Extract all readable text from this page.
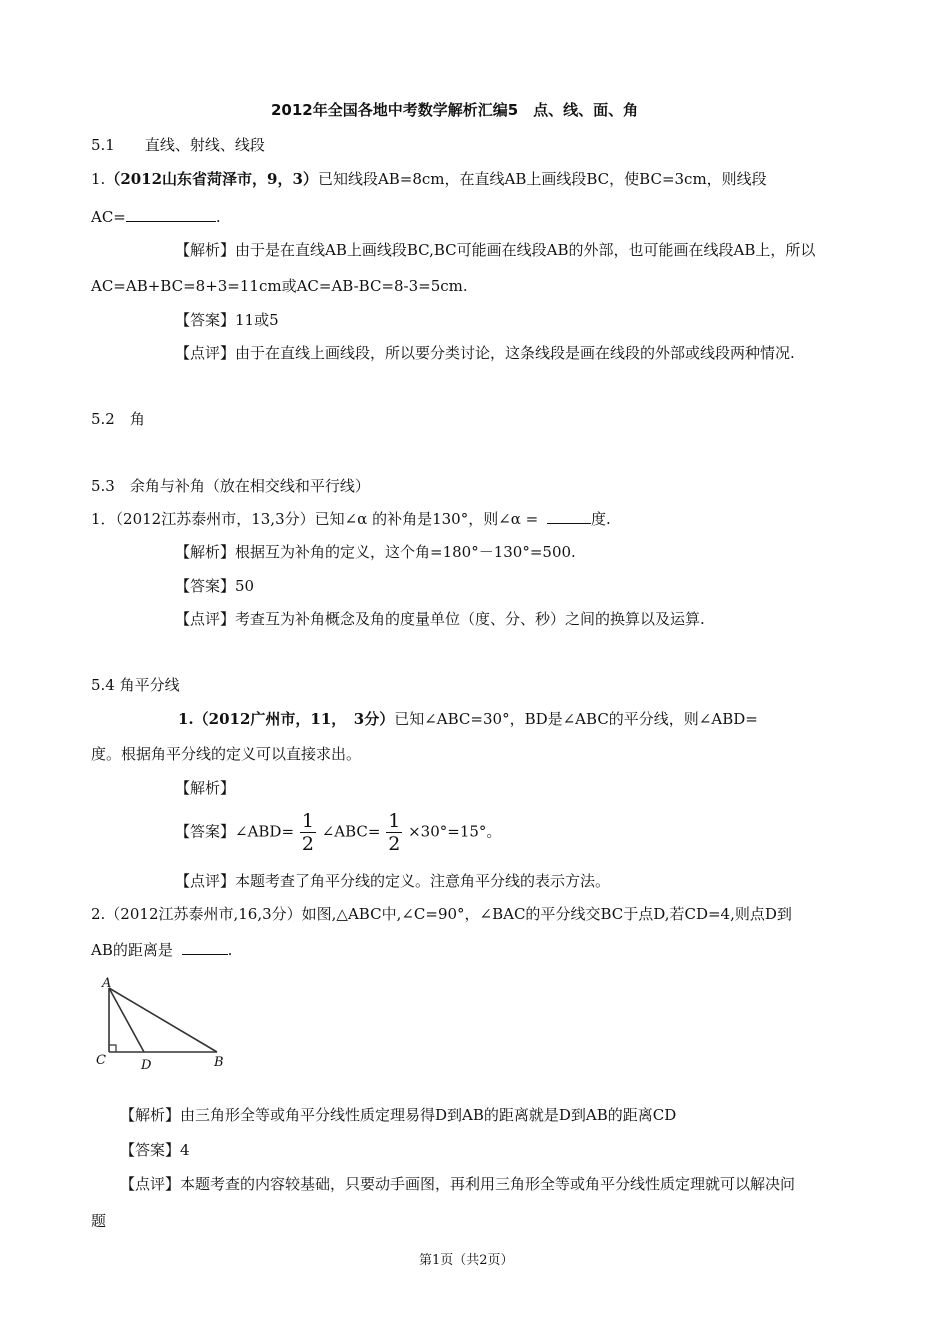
2012年全国各地中考数学解析汇编5　点、线、面、角
5.1　　直线、射线、线段
1.（2012山东省菏泽市，9，3）已知线段AB=8cm，在直线AB上画线段BC，使BC=3cm，则线段
AC=	.
【解析】由于是在直线AB上画线段BC,BC可能画在线段AB的外部，也可能画在线段AB上，所以
AC=AB+BC=8+3=11cm或AC=AB-BC=8-3=5cm.
【答案】11或5
【点评】由于在直线上画线段，所以要分类讨论，这条线段是画在线段的外部或线段两种情况.
5.2　角
5.3　余角与补角（放在相交线和平行线）
1．（2012江苏泰州市，13,3分）已知∠α 的补角是130°，则∠α =	度.
【解析】根据互为补角的定义，这个角=180°－130°=500.
【答案】50
【点评】考查互为补角概念及角的度量单位（度、分、秒）之间的换算以及运算.
5.4 角平分线
1.（2012广州市，11，　3分）已知∠ABC=30°，BD是∠ABC的平分线，则∠ABD=
度。根据角平分线的定义可以直接求出。
【解析】
【答案】∠ABD= $\frac{1}{2}$ ∠ABC= $\frac{1}{2} \times 30^\circ=15^\circ$。
【点评】本题考查了角平分线的定义。注意角平分线的表示方法。
2.（2012江苏泰州市,16,3分）如图,△ABC中,∠C=90°，∠BAC的平分线交BC于点D,若CD=4,则点D到
AB的距离是	.
A
B
C	D
【解析】由三角形全等或角平分线性质定理易得D到AB的距离就是D到AB的距离CD
【答案】4
【点评】本题考查的内容较基础，只要动手画图，再利用三角形全等或角平分线性质定理就可以解决问
题
第1页（共2页）
